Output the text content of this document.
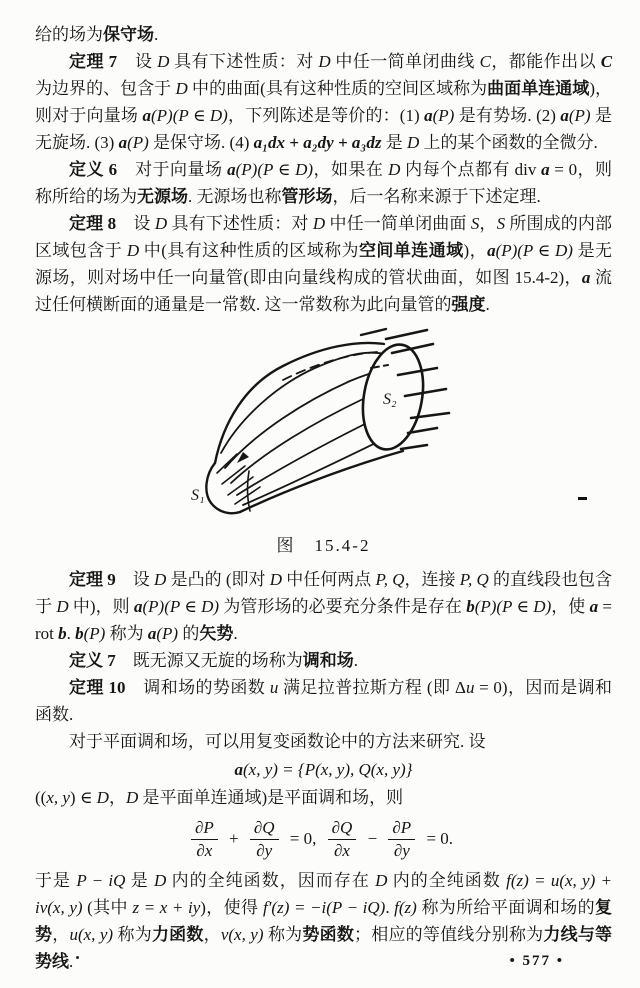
给的场为保守场.

定理 7　设 D 具有下述性质：对 D 中任一简单闭曲线 C，都能作出以 C 为边界的、包含于 D 中的曲面(具有这种性质的空间区域称为曲面单连通域)，则对于向量场 a(P)(P ∈ D)，下列陈述是等价的：(1) a(P) 是有势场. (2) a(P) 是无旋场. (3) a(P) 是保守场. (4) a₁dx + a₂dy + a₃dz 是 D 上的某个函数的全微分.

定义 6　对于向量场 a(P)(P ∈ D)，如果在 D 内每个点都有 div a = 0，则称所给的场为无源场. 无源场也称管形场，后一名称来源于下述定理.

定理 8　设 D 具有下述性质：对 D 中任一简单闭曲面 S，S 所围成的内部区域包含于 D 中(具有这种性质的区域称为空间单连通域)，a(P)(P ∈ D) 是无源场，则对场中任一向量管(即由向量线构成的管状曲面，如图 15.4-2)，a 流过任何横断面的通量是一常数. 这一常数称为此向量管的强度.

S₁
S₂
图　15.4-2

定理 9　设 D 是凸的 (即对 D 中任何两点 P, Q，连接 P, Q 的直线段也包含于 D 中)，则 a(P)(P ∈ D) 为管形场的必要充分条件是存在 b(P)(P ∈ D)，使 a = rot b. b(P) 称为 a(P) 的矢势.

定义 7　既无源又无旋的场称为调和场.

定理 10　调和场的势函数 u 满足拉普拉斯方程 (即 Δu = 0)，因而是调和函数.

对于平面调和场，可以用复变函数论中的方法来研究. 设

a(x, y) = {P(x, y), Q(x, y)}

((x, y) ∈ D，D 是平面单连通域)是平面调和场，则

$\frac{\partial P}{\partial x} + \frac{\partial Q}{\partial y} = 0$, $\frac{\partial Q}{\partial x} - \frac{\partial P}{\partial y} = 0$.

于是 P − iQ 是 D 内的全纯函数，因而存在 D 内的全纯函数 f(z) = u(x, y) + iv(x, y) (其中 z = x + iy)，使得 f′(z) = −i(P − iQ). f(z) 称为所给平面调和场的复势，u(x, y) 称为力函数，v(x, y) 称为势函数；相应的等值线分别称为力线与等势线.	• 577 •
